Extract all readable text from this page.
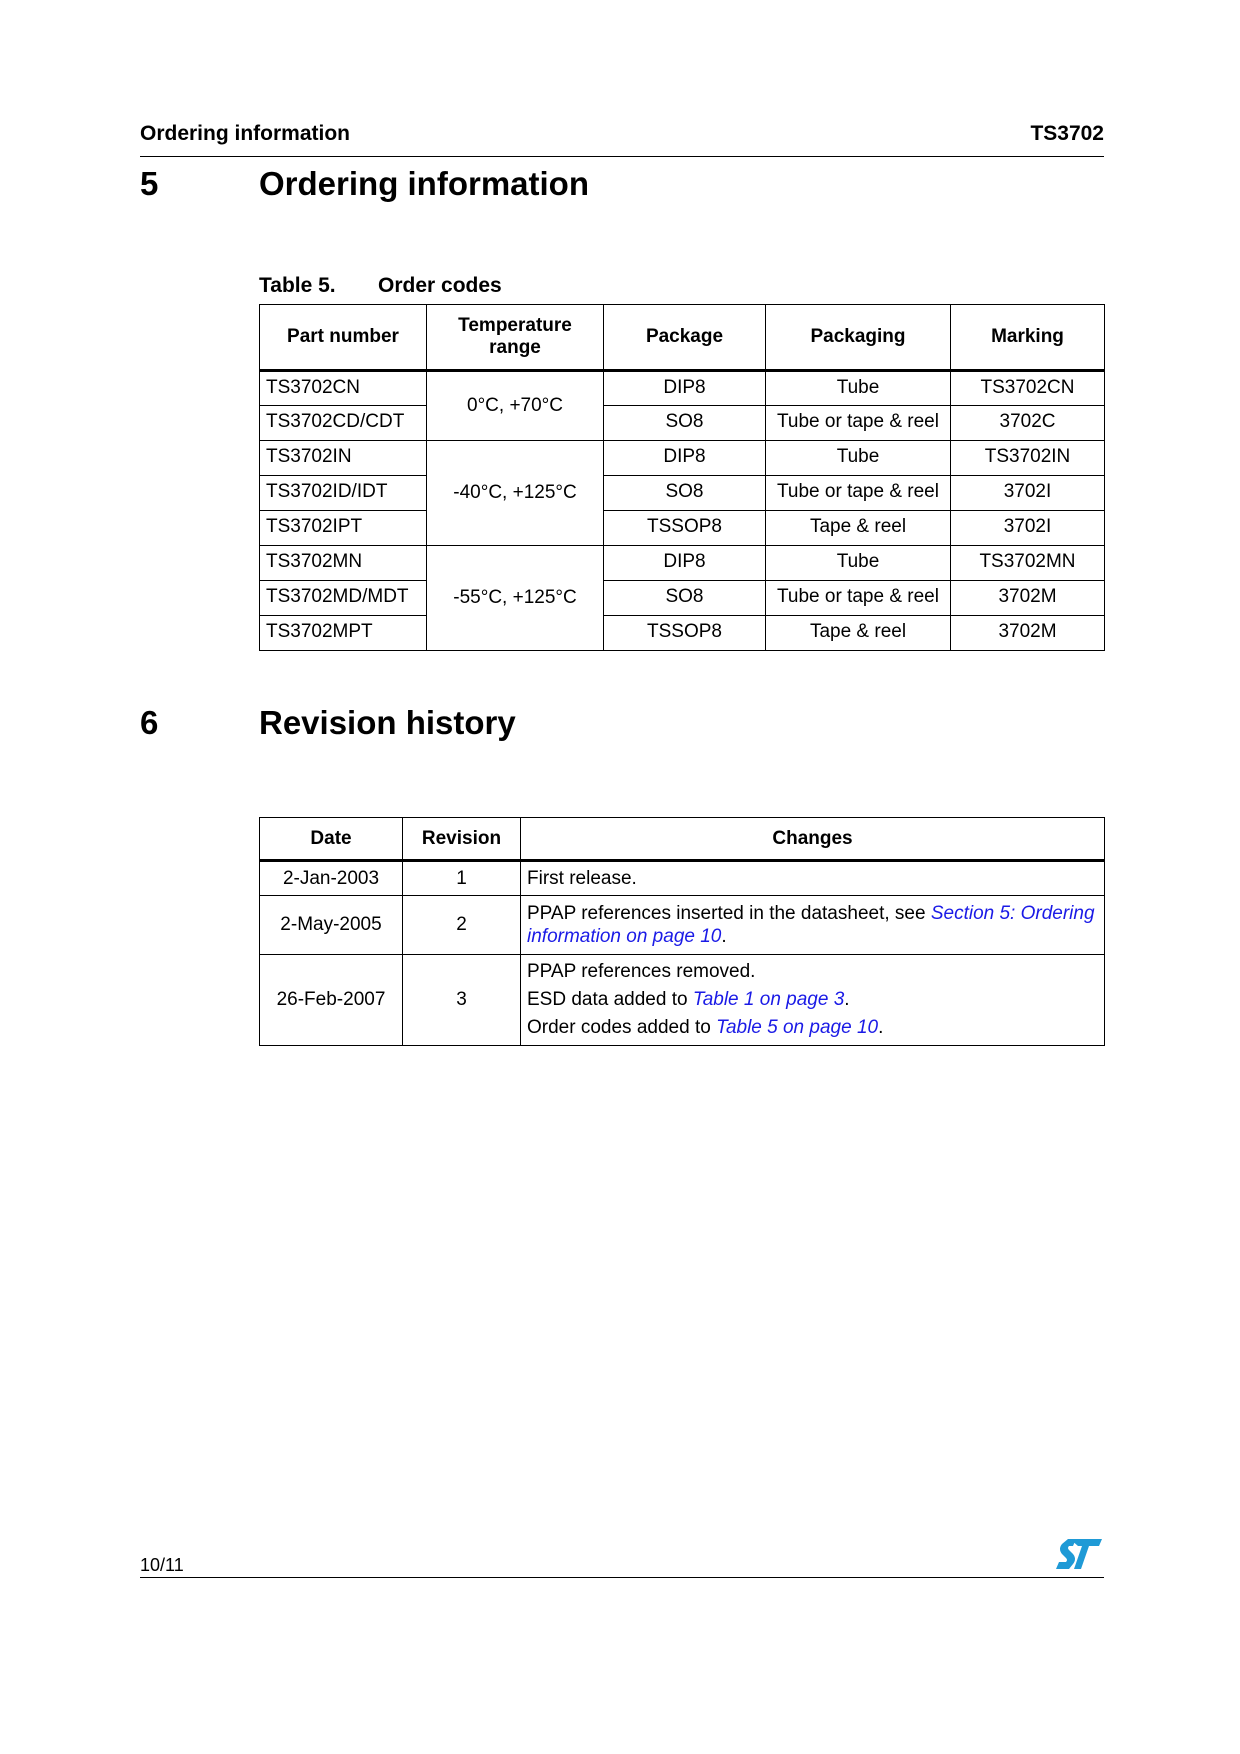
Ordering information	TS3702
5	Ordering information
Table 5. Order codes
Part number	Temperature range	Package	Packaging	Marking
TS3702CN	0°C, +70°C	DIP8	Tube	TS3702CN
TS3702CD/CDT		SO8	Tube or tape & reel	3702C
TS3702IN	-40°C, +125°C	DIP8	Tube	TS3702IN
TS3702ID/IDT		SO8	Tube or tape & reel	3702I
TS3702IPT		TSSOP8	Tape & reel	3702I
TS3702MN	-55°C, +125°C	DIP8	Tube	TS3702MN
TS3702MD/MDT		SO8	Tube or tape & reel	3702M
TS3702MPT		TSSOP8	Tape & reel	3702M
6	Revision history
Date	Revision	Changes
2-Jan-2003	1	First release.
2-May-2005	2	PPAP references inserted in the datasheet, see Section 5: Ordering information on page 10.
26-Feb-2007	3	PPAP references removed.
ESD data added to Table 1 on page 3.
Order codes added to Table 5 on page 10.
10/11
